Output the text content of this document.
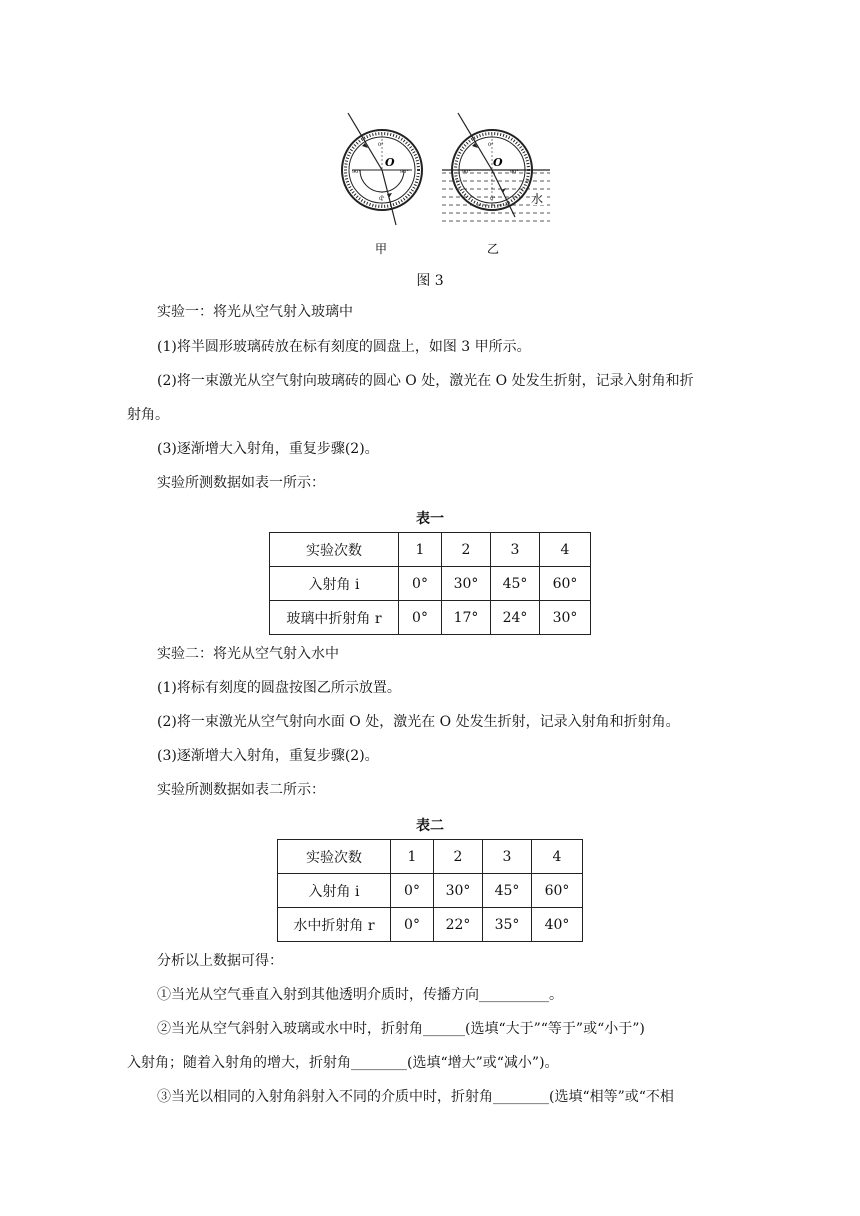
O
0°
0°
90°	90°
O
0°
0°
90°	90°
水
甲	乙
图 3
实验一：将光从空气射入玻璃中
(1)将半圆形玻璃砖放在标有刻度的圆盘上，如图 3 甲所示。
(2)将一束激光从空气射向玻璃砖的圆心 O 处，激光在 O 处发生折射，记录入射角和折
射角。
(3)逐渐增大入射角，重复步骤(2)。
实验所测数据如表一所示：
表一
实验次数	1	2	3	4
入射角 i	0°	30°	45°	60°
玻璃中折射角 r	0°	17°	24°	30°
实验二：将光从空气射入水中
(1)将标有刻度的圆盘按图乙所示放置。
(2)将一束激光从空气射向水面 O 处，激光在 O 处发生折射，记录入射角和折射角。
(3)逐渐增大入射角，重复步骤(2)。
实验所测数据如表二所示：
表二
实验次数	1	2	3	4
入射角 i	0°	30°	45°	60°
水中折射角 r	0°	22°	35°	40°
分析以上数据可得：
①当光从空气垂直入射到其他透明介质时，传播方向__________。
②当光从空气斜射入玻璃或水中时，折射角______(选填“大于”“等于”或“小于”)
入射角；随着入射角的增大，折射角________(选填“增大”或“减小”)。
③当光以相同的入射角斜射入不同的介质中时，折射角________(选填“相等”或“不相
